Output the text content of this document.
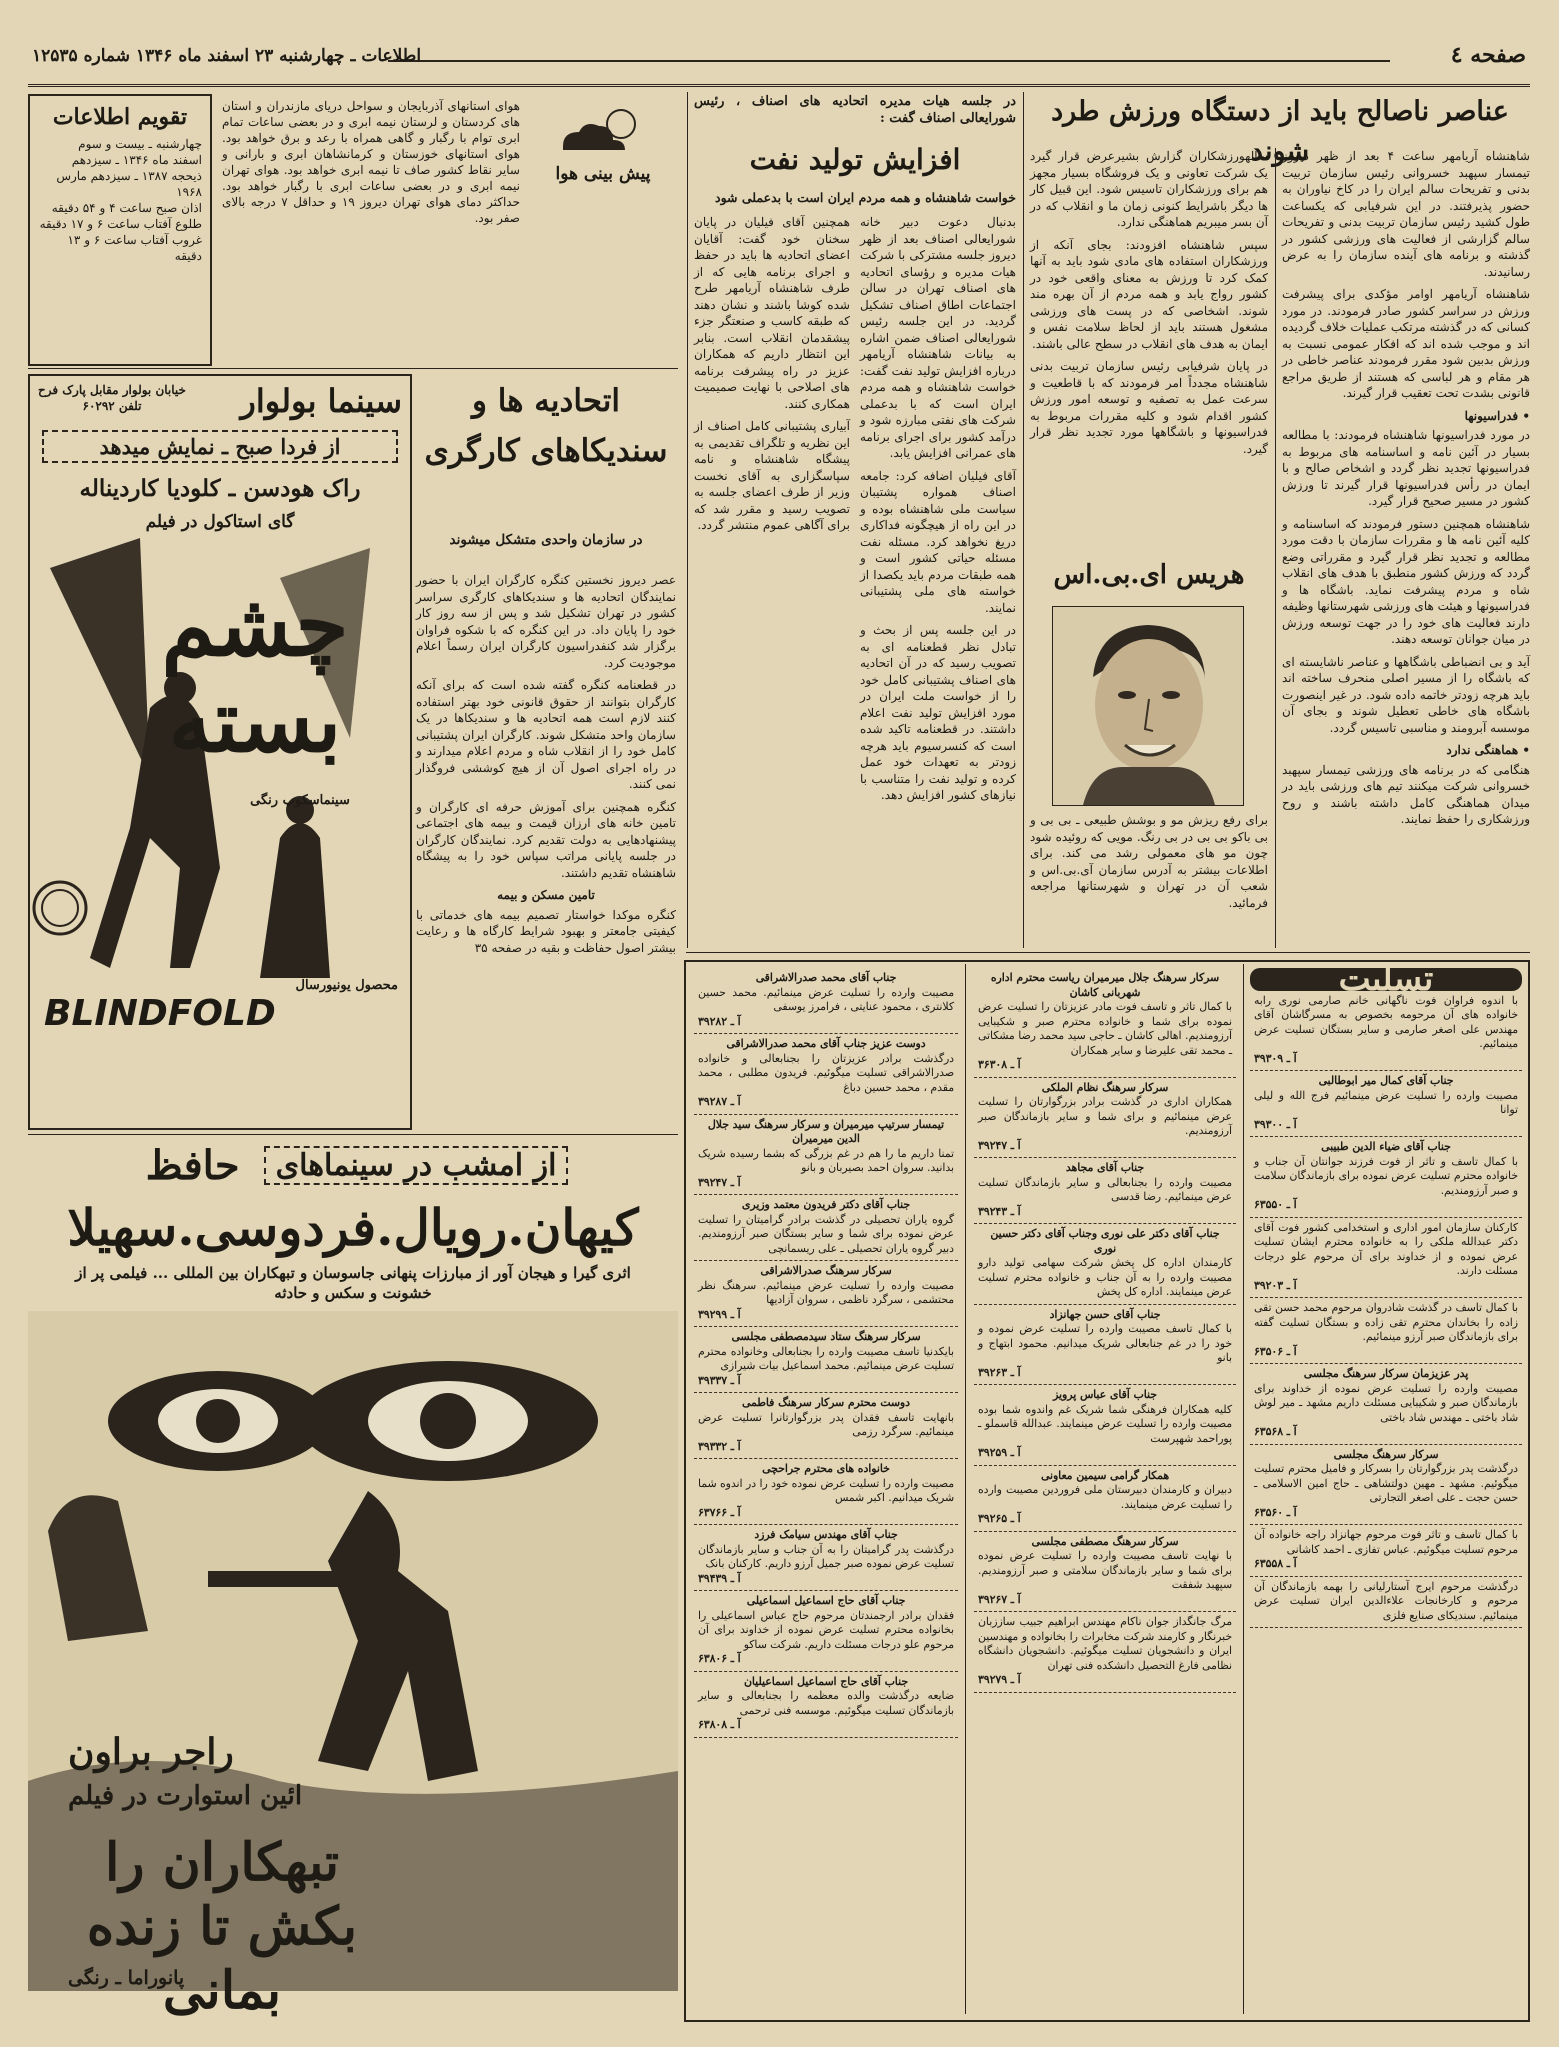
صفحه ٤
اطلاعات ـ چهارشنبه ۲۳ اسفند ماه ۱۳۴۶ شماره ۱۲۵۳۵
عناصر ناصالح باید از دستگاه ورزش طرد شوند

شاهنشاه آریامهر ساعت ۴ بعد از ظهر دیروز تیمسار سپهبد خسروانی رئیس سازمان تربیت بدنی و تفریحات سالم ایران را در کاخ نیاوران به حضور پذیرفتند. در این شرفیابی که یکساعت طول کشید رئیس سازمان تربیت بدنی و تفریحات سالم گزارشی از فعالیت های ورزشی کشور در گذشته و برنامه های آینده سازمان را به عرض رسانیدند.

شاهنشاه آریامهر اوامر مؤکدی برای پیشرفت ورزش در سراسر کشور صادر فرمودند. در مورد کسانی که در گذشته مرتکب عملیات خلاف گردیده اند و موجب شده اند که افکار عمومی نسبت به ورزش بدبین شود مقرر فرمودند عناصر خاطی در هر مقام و هر لباسی که هستند از طریق مراجع قانونی بشدت تحت تعقیب قرار گیرند.

• فدراسیونها

در مورد فدراسیونها شاهنشاه فرمودند: با مطالعه بسیار در آئین نامه و اساسنامه های مربوط به فدراسیونها تجدید نظر گردد و اشخاص صالح و با ایمان در رأس فدراسیونها قرار گیرند تا ورزش کشور در مسیر صحیح قرار گیرد.

شاهنشاه همچنین دستور فرمودند که اساسنامه و کلیه آئین نامه ها و مقررات سازمان با دقت مورد مطالعه و تجدید نظر قرار گیرد و مقرراتی وضع گردد که ورزش کشور منطبق با هدف های انقلاب شاه و مردم پیشرفت نماید. باشگاه ها و فدراسیونها و هیئت های ورزشی شهرستانها وظیفه دارند فعالیت های خود را در جهت توسعه ورزش در میان جوانان توسعه دهند.

آید و بی انضباطی باشگاهها و عناصر ناشایسته ای که باشگاه را از مسیر اصلی منحرف ساخته اند باید هرچه زودتر خاتمه داده شود. در غیر اینصورت باشگاه های خاطی تعطیل شوند و بجای آن موسسه آبرومند و مناسبی تاسیس گردد.

• هماهنگی ندارد

هنگامی که در برنامه های ورزشی تیمسار سپهبد خسروانی شرکت میکنند تیم های ورزشی باید در میدان هماهنگی کامل داشته باشند و روح ورزشکاری را حفظ نمایند.

سالهورزشکاران گزارش بشیرعرض قرار گیرد یک شرکت تعاونی و یک فروشگاه بسیار مجهز هم برای ورزشکاران تاسیس شود. این قبیل کار ها دیگر باشرایط کنونی زمان ما و انقلاب که در آن بسر میبریم هماهنگی ندارد.

سپس شاهنشاه افزودند: بجای آنکه از ورزشکاران استفاده های مادی شود باید به آنها کمک کرد تا ورزش به معنای واقعی خود در کشور رواج یابد و همه مردم از آن بهره مند شوند. اشخاصی که در پست های ورزشی مشغول هستند باید از لحاظ سلامت نفس و ایمان به هدف های انقلاب در سطح عالی باشند.

در پایان شرفیابی رئیس سازمان تربیت بدنی شاهنشاه مجدداً امر فرمودند که با قاطعیت و سرعت عمل به تصفیه و توسعه امور ورزش کشور اقدام شود و کلیه مقررات مربوط به فدراسیونها و باشگاهها مورد تجدید نظر قرار گیرد.

هریس ای.بی.اس
برای رفع ریزش مو و بوشش طبیعی ـ بی بی و بی باکو بی بی در بی رنگ. مویی که روئیده شود چون مو های معمولی رشد می کند. برای اطلاعات بیشتر به آدرس سازمان آی.بی.اس و شعب آن در تهران و شهرستانها مراجعه فرمائید.
در جلسه هیات مدیره اتحادیه های اصناف ، رئیس شورایعالی اصناف گفت :
افزایش تولید نفت
خواست شاهنشاه و همه مردم ایران است با بدعملی شود

بدنبال دعوت دبیر خانه شورایعالی اصناف بعد از ظهر دیروز جلسه مشترکی با شرکت هیات مدیره و رؤسای اتحادیه های اصناف تهران در سالن اجتماعات اطاق اصناف تشکیل گردید. در این جلسه رئیس شورایعالی اصناف ضمن اشاره به بیانات شاهنشاه آریامهر درباره افزایش تولید نفت گفت: خواست شاهنشاه و همه مردم ایران است که با بدعملی شرکت های نفتی مبارزه شود و درآمد کشور برای اجرای برنامه های عمرانی افزایش یابد.

آقای فیلیان اضافه کرد: جامعه اصناف همواره پشتیبان سیاست ملی شاهنشاه بوده و در این راه از هیچگونه فداکاری دریغ نخواهد کرد. مسئله نفت مسئله حیاتی کشور است و همه طبقات مردم باید یکصدا از خواسته های ملی پشتیبانی نمایند.

در این جلسه پس از بحث و تبادل نظر قطعنامه ای به تصویب رسید که در آن اتحادیه های اصناف پشتیبانی کامل خود را از خواست ملت ایران در مورد افزایش تولید نفت اعلام داشتند. در قطعنامه تاکید شده است که کنسرسیوم باید هرچه زودتر به تعهدات خود عمل کرده و تولید نفت را متناسب با نیازهای کشور افزایش دهد.

همچنین آقای فیلیان در پایان سخنان خود گفت: آقایان اعضای اتحادیه ها باید در حفظ و اجرای برنامه هایی که از طرف شاهنشاه آریامهر طرح شده کوشا باشند و نشان دهند که طبقه کاسب و صنعتگر جزء پیشقدمان انقلاب است. بنابر این انتظار داریم که همکاران عزیز در راه پیشرفت برنامه های اصلاحی با نهایت صمیمیت همکاری کنند.

آبیاری پشتیبانی کامل اصناف از این نظریه و تلگراف تقدیمی به پیشگاه شاهنشاه و نامه سپاسگزاری به آقای نخست وزیر از طرف اعضای جلسه به تصویب رسید و مقرر شد که برای آگاهی عموم منتشر گردد.

تقویم اطلاعات
چهارشنبه ـ بیست و سوم
اسفند ماه ۱۳۴۶ ـ سیزدهم
ذیحجه ۱۳۸۷ ـ سیزدهم مارس
۱۹۶۸
اذان صبح ساعت ۴ و ۵۴ دقیقه
طلوع آفتاب ساعت ۶ و ۱۷ دقیقه
غروب آفتاب ساعت ۶ و ۱۳ دقیقه
پیش بینی هوا
هوای استانهای آذربایجان و سواحل دریای مازندران و استان های کردستان و لرستان نیمه ابری و در بعضی ساعات تمام ابری توام با رگبار و گاهی همراه با رعد و برق خواهد بود. هوای استانهای خوزستان و کرمانشاهان ابری و بارانی و سایر نقاط کشور صاف تا نیمه ابری خواهد بود. هوای تهران نیمه ابری و در بعضی ساعات ابری با رگبار خواهد بود. حداکثر دمای هوای تهران دیروز ۱۹ و حداقل ۷ درجه بالای صفر بود.
اتحادیه ها و سندیکاهای کارگری
در سازمان واحدی متشکل میشوند

عصر دیروز نخستین کنگره کارگران ایران با حضور نمایندگان اتحادیه ها و سندیکاهای کارگری سراسر کشور در تهران تشکیل شد و پس از سه روز کار خود را پایان داد. در این کنگره که با شکوه فراوان برگزار شد کنفدراسیون کارگران ایران رسماً اعلام موجودیت کرد.

در قطعنامه کنگره گفته شده است که برای آنکه کارگران بتوانند از حقوق قانونی خود بهتر استفاده کنند لازم است همه اتحادیه ها و سندیکاها در یک سازمان واحد متشکل شوند. کارگران ایران پشتیبانی کامل خود را از انقلاب شاه و مردم اعلام میدارند و در راه اجرای اصول آن از هیچ کوششی فروگذار نمی کنند.

کنگره همچنین برای آموزش حرفه ای کارگران و تامین خانه های ارزان قیمت و بیمه های اجتماعی پیشنهادهایی به دولت تقدیم کرد. نمایندگان کارگران در جلسه پایانی مراتب سپاس خود را به پیشگاه شاهنشاه تقدیم داشتند.

تامین مسکن و بیمه

کنگره موکدا خواستار تصمیم بیمه های خدماتی با کیفیتی جامعتر و بهبود شرایط کارگاه ها و رعایت بیشتر اصول حفاظت و بقیه در صفحه ۳۵

سینما بولوار
خیابان بولوار مقابل پارک فرح
تلفن ۶۰۲۹۲
از فردا صبح ـ نمایش میدهد
راک هودسن ـ کلودیا کاردیناله
گای استاکول در فیلم
چشم بسته
سینماسکوپ رنگی
محصول یونیورسال
BLINDFOLD
از امشب در سینماهای
حافظ
کیهان.رویال.فردوسی.سهیلا
اثری گیرا و هیجان آور از مبارزات پنهانی جاسوسان و تبهکاران بین المللی ... فیلمی پر از خشونت و سکس و حادثه
راجر براون
ائین استوارت در فیلم
تبهکاران را بکش تا زنده بمانی
پانوراما ـ رنگی
تسلیت
با اندوه فراوان فوت ناگهانی خانم صارمی نوری رابه خانواده های آن مرحومه بخصوص به مسرگاشان آقای مهندس علی اصغر صارمی و سایر بستگان تسلیت عرض مینمائیم.
آ ـ ۳۹۳۰۹
جناب آقای کمال میر ابوطالبی
مصیبت وارده را تسلیت عرض مینمائیم فرج الله و لیلی توانا
آ ـ ۳۹۳۰۰
جناب آقای ضیاء الدین طبیبی
با کمال تاسف و تاثر از فوت فرزند جوانتان آن جناب و خانواده محترم تسلیت عرض نموده برای بازماندگان سلامت و صبر آرزومندیم.
آ ـ ۶۳۵۵۰
کارکنان سازمان امور اداری و استخدامی کشور فوت آقای دکتر عبدالله ملکی را به خانواده محترم ایشان تسلیت عرض نموده و از خداوند برای آن مرحوم علو درجات مسئلت دارند.
آ ـ ۳۹۲۰۳
با کمال تاسف در گذشت شادروان مرحوم محمد حسن تقی زاده را بخاندان محترم تقی زاده و بستگان تسلیت گفته برای بازماندگان صبر آرزو مینمائیم.
آ ـ ۶۳۵۰۶
پدر عزیزمان سرکار سرهنگ مجلسی
مصیبت وارده را تسلیت عرض نموده از خداوند برای بازماندگان صبر و شکیبایی مسئلت داریم مشهد ـ میر لوش شاد باختی ـ مهندس شاد باختی
آ ـ ۶۳۵۶۸
سرکار سرهنگ مجلسی
درگذشت پدر بزرگوارتان را بسرکار و فامیل محترم تسلیت میگوئیم. مشهد ـ مهین دولتشاهی ـ حاج امین الاسلامی ـ حسن حجت ـ علی اصغر التجارتی
آ ـ ۶۳۵۶۰
با کمال تاسف و تاثر فوت مرحوم جهانزاد راجه خانواده آن مرحوم تسلیت میگوئیم. عباس تفازی ـ احمد کاشانی
آ ـ ۶۳۵۵۸
درگذشت مرحوم ایرج آستارلیانی را بهمه بازماندگان آن مرحوم و کارخانجات علاءالدین ایران تسلیت عرض مینمائیم. سندیکای صنایع فلزی
سرکار سرهنگ جلال میرمیران ریاست محترم اداره شهربانی کاشان
با کمال تاثر و تاسف فوت مادر عزیزتان را تسلیت عرض نموده برای شما و خانواده محترم صبر و شکیبایی آرزومندیم. اهالی کاشان ـ حاجی سید محمد رضا مشکاتی ـ محمد تقی علیرضا و سایر همکاران
آ ـ ۳۶۳۰۸
سرکار سرهنگ نظام الملکی
همکاران اداری در گذشت برادر بزرگوارتان را تسلیت عرض مینمائیم و برای شما و سایر بازماندگان صبر آرزومندیم.
آ ـ ۳۹۲۴۷
جناب آقای مجاهد
مصیبت وارده را بجنابعالی و سایر بازماندگان تسلیت عرض مینمائیم. رضا قدسی
آ ـ ۳۹۲۴۳
جناب آقای دکتر علی نوری وجناب آقای دکتر حسین نوری
کارمندان اداره کل پخش شرکت سهامی تولید دارو مصیبت وارده را به آن جناب و خانواده محترم تسلیت عرض مینمایند. اداره کل پخش
جناب آقای حسن جهانزاد
با کمال تاسف مصیبت وارده را تسلیت عرض نموده و خود را در غم جنابعالی شریک میدانیم. محمود ابتهاج و بانو
آ ـ ۳۹۲۶۳
جناب آقای عباس پرویز
کلیه همکاران فرهنگی شما شریک غم واندوه شما بوده مصیبت وارده را تسلیت عرض مینمایند. عبدالله قاسملو ـ پوراحمد شهپرست
آ ـ ۳۹۲۵۹
همکار گرامی سیمین معاونی
دبیران و کارمندان دبیرستان ملی فروردین مصیبت وارده را تسلیت عرض مینمایند.
آ ـ ۳۹۲۶۵
سرکار سرهنگ مصطفی مجلسی
با نهایت تاسف مصیبت وارده را تسلیت عرض نموده برای شما و سایر بازماندگان سلامتی و صبر آرزومندیم. سپهبد شفقت
آ ـ ۳۹۲۶۷
مرگ جانگداز جوان ناکام مهندس ابراهیم جبیب ساززبان خبرنگار و کارمند شرکت مخابرات را بخانواده و مهندسین ایران و دانشجویان تسلیت میگوئیم. دانشجویان دانشگاه نظامی فارغ التحصیل دانشکده فنی تهران
آ ـ ۳۹۲۷۹
جناب آقای محمد صدرالاشراقی
مصیبت وارده را تسلیت عرض مینمائیم. محمد حسین کلانتری ، محمود عنایتی ، فرامرز یوسفی
آ ـ ۳۹۲۸۲
دوست عزیز جناب آقای محمد صدرالاشراقی
درگذشت برادر عزیزتان را بجنابعالی و خانواده صدرالاشراقی تسلیت میگوئیم. فریدون مطلبی ، محمد مقدم ، محمد حسین دباغ
آ ـ ۳۹۲۸۷
تیمسار سرتیپ میرمیران و سرکار سرهنگ سید جلال الدین میرمیران
تمنا داریم ما را هم در غم بزرگی که بشما رسیده شریک بدانید. سروان احمد بصیربان و بانو
آ ـ ۳۹۲۴۷
جناب آقای دکتر فریدون معتمد وزیری
گروه یاران تحصیلی در گذشت برادر گرامیتان را تسلیت عرض نموده برای شما و سایر بستگان صبر آرزومندیم. دبیر گروه یاران تحصیلی ـ علی ریسمانچی
سرکار سرهنگ صدرالاشراقی
مصیبت وارده را تسلیت عرض مینمائیم. سرهنگ نظر محتشمی ، سرگرد ناظمی ، سروان آزادیها
آ ـ ۳۹۲۹۹
سرکار سرهنگ ستاد سیدمصطفی مجلسی
بایکدنیا تاسف مصیبت وارده را بجنابعالی وخانواده محترم تسلیت عرض مینمائیم. محمد اسماعیل بیات شیرازی
آ ـ ۳۹۳۳۷
دوست محترم سرکار سرهنگ فاطمی
بانهایت تاسف فقدان پدر بزرگوارتانرا تسلیت عرض مینمائیم. سرگرد رزمی
آ ـ ۳۹۳۳۲
خانواده های محترم جراحچی
مصیبت وارده را تسلیت عرض نموده خود را در اندوه شما شریک میدانیم. اکبر شمس
آ ـ ۶۳۷۶۶
جناب آقای مهندس سیامک فرزد
درگذشت پدر گرامیتان را به آن جناب و سایر بازماندگان تسلیت عرض نموده صبر جمیل آرزو داریم. کارکنان بانک
آ ـ ۳۹۴۳۹
جناب آقای حاج اسماعیل اسماعیلی
فقدان برادر ارجمندتان مرحوم حاج عباس اسماعیلی را بخانواده محترم تسلیت عرض نموده از خداوند برای آن مرحوم علو درجات مسئلت داریم. شرکت ساکو
آ ـ ۶۳۸۰۶
جناب آقای حاج اسماعیل اسماعیلیان
ضایعه درگذشت والده معظمه را بجنابعالی و سایر بازماندگان تسلیت میگوئیم. موسسه فنی ترحمی
آ ـ ۶۳۸۰۸
